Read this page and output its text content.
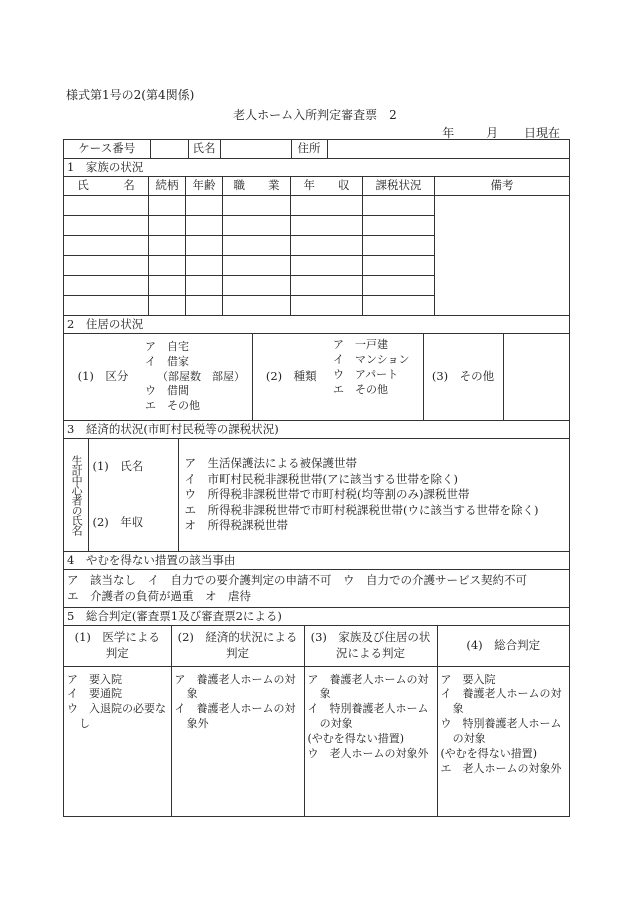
様式第1号の2(第4関係)
老人ホーム入所判定審査票　2
年	月 日現在
ケース番号		氏名		住所	

1　家族の状況
氏　　　名	続柄	年齢	職　　業	年　　収	課税状況	備考

2　住居の状況

(1)　区分	
ア　自宅
イ　借家
（部屋数　部屋）
ウ　借間
エ　その他
	(2)　種類	
ア　一戸建
イ　マンション
ウ　アパート
エ　その他
	(3)　その他	

3　経済的状況(市町村民税等の課税状況)

生計中心者の氏名	(1)　氏名
(2)　年収

ア　生活保護法による被保護世帯
イ　市町村民税非課税世帯(アに該当する世帯を除く)
ウ　所得税非課税世帯で市町村税(均等割のみ)課税世帯
エ　所得税非課税世帯で市町村税課税世帯(ウに該当する世帯を除く)
オ　所得税課税世帯

4　やむを得ない措置の該当事由

ア　該当なし　イ　自力での要介護判定の申請不可　ウ　自力での介護サービス契約不可
エ　介護者の負荷が過重　オ　虐待

5　総合判定(審査票1及び審査票2による)

(1)　医学による判定	(2)　経済的状況による判定	(3)　家族及び住居の状況による判定	(4)　総合判定

ア　要入院
イ　要通院
ウ　入退院の必要なし

ア　養護老人ホームの対象
イ　養護老人ホームの対象外

ア　養護老人ホームの対象
イ　特別養護老人ホームの対象
(やむを得ない措置)
ウ　老人ホームの対象外

ア　要入院
イ　養護老人ホームの対象
ウ　特別養護老人ホームの対象
(やむを得ない措置)
エ　老人ホームの対象外
